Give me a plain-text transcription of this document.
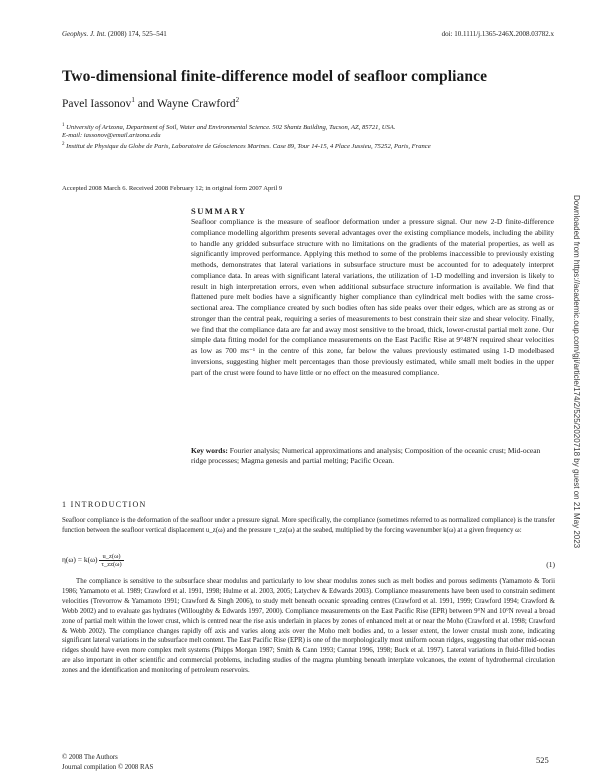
Geophys. J. Int. (2008) 174, 525–541	doi: 10.1111/j.1365-246X.2008.03782.x
Two-dimensional finite-difference model of seafloor compliance
Pavel Iassonov$^1$ and Wayne Crawford$^2$
$^1$ University of Arizona, Department of Soil, Water and Environmental Science. 502 Shantz Building, Tucson, AZ, 85721, USA.
E-mail: iassonov@email.arizona.edu
$^2$ Institut de Physique du Globe de Paris, Laboratoire de Géosciences Marines. Case 89, Tour 14-15, 4 Place Jussieu, 75252, Paris, France
Accepted 2008 March 6. Received 2008 February 12; in original form 2007 April 9
SUMMARY
Seafloor compliance is the measure of seafloor deformation under a pressure signal. Our new 2-D finite-difference compliance modelling algorithm presents several advantages over the existing compliance models, including the ability to handle any gridded subsurface structure with no limitations on the gradients of the material properties, as well as significantly improved performance. Applying this method to some of the problems inaccessible to previously existing methods, demonstrates that lateral variations in subsurface structure must be accounted for to adequately interpret compliance data. In areas with significant lateral variations, the utilization of 1-D modelling and inversion is likely to result in high interpretation errors, even when additional subsurface structure information is available. We find that flattened pure melt bodies have a significantly higher compliance than cylindrical melt bodies with the same cross-sectional area. The compliance created by such bodies often has side peaks over their edges, which are as strong as or stronger than the central peak, requiring a series of measurements to best constrain their size and shear velocity. Finally, we find that the compliance data are far and away most sensitive to the broad, thick, lower-crustal partial melt zone. Our simple data fitting model for the compliance measurements on the East Pacific Rise at 9°48′N required shear velocities as low as 700 ms⁻¹ in the centre of this zone, far below the values previously estimated using 1-D modelbased inversions, suggesting higher melt percentages than those previously estimated, while small melt bodies in the upper part of the crust were found to have little or no effect on the measured compliance.
Key words: Fourier analysis; Numerical approximations and analysis; Composition of the oceanic crust; Mid-ocean ridge processes; Magma genesis and partial melting; Pacific Ocean.
1 INTRODUCTION
Seafloor compliance is the deformation of the seafloor under a pressure signal. More specifically, the compliance (sometimes referred to as normalized compliance) is the transfer function between the seafloor vertical displacement u_z(ω) and the pressure τ_zz(ω) at the seabed, multiplied by the forcing wavenumber k(ω) at a given frequency ω:
$\eta(\omega) = k(\omega) \frac{u\_z(\omega)}{\tau\_zz(\omega)}$	(1)
The compliance is sensitive to the subsurface shear modulus and particularly to low shear modulus zones such as melt bodies and porous sediments (Yamamoto & Torii 1986; Yamamoto et al. 1989; Crawford et al. 1991, 1998; Hulme et al. 2003, 2005; Latychev & Edwards 2003). Compliance measurements have been used to constrain sediment velocities (Trevorrow & Yamamoto 1991; Crawford & Singh 2006), to study melt beneath oceanic spreading centres (Crawford et al. 1991, 1999; Crawford 1994; Crawford & Webb 2002) and to evaluate gas hydrates (Willoughby & Edwards 1997, 2000). Compliance measurements on the East Pacific Rise (EPR) between 9°N and 10°N reveal a broad zone of partial melt within the lower crust, which is centred near the rise axis underlain in places by zones of enhanced melt at or near the Moho (Crawford et al. 1998; Crawford & Webb 2002). The compliance changes rapidly off axis and varies along axis over the Moho melt bodies and, to a lesser extent, the lower crustal mush zone, indicating significant lateral variations in the subsurface melt content. The East Pacific Rise (EPR) is one of the morphologically most uniform ocean ridges, suggesting that other mid-ocean ridges should have even more complex melt systems (Phipps Morgan 1987; Smith & Cann 1993; Cannat 1996, 1998; Buck et al. 1997). Lateral variations in fluid-filled bodies are also important in other scientific and commercial problems, including studies of the magma plumbing beneath interplate volcanoes, the extent of hydrothermal circulation zones and the identification and monitoring of petroleum reservoirs.
© 2008 The Authors
Journal compilation © 2008 RAS
525
Downloaded from https://academic.oup.com/gji/article/174/2/525/2020718 by guest on 21 May 2023
